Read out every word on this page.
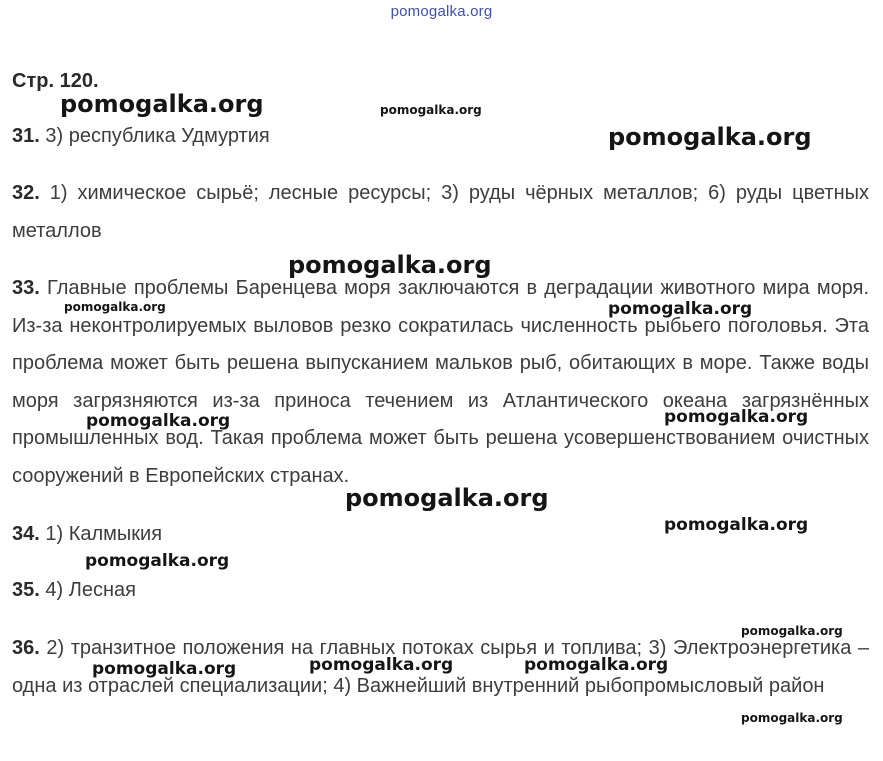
pomogalka.org
Стр. 120.
31. 3) республика Удмуртия
32. 1) химическое сырьё; лесные ресурсы; 3) руды чёрных металлов; 6) руды цветных металлов
33. Главные проблемы Баренцева моря заключаются в деградации животного мира моря. Из-за неконтролируемых выловов резко сократилась численность рыбьего поголовья. Эта проблема может быть решена выпусканием мальков рыб, обитающих в море. Также воды моря загрязняются из-за приноса течением из Атлантического океана загрязнённых промышленных вод. Такая проблема может быть решена усовершенствованием очистных сооружений в Европейских странах.
34. 1) Калмыкия
35. 4) Лесная
36. 2) транзитное положения на главных потоках сырья и топлива; 3) Электроэнергетика – одна из отраслей специализации; 4) Важнейший внутренний рыбопромысловый район
pomogalka.org	pomogalka.org
pomogalka.org
pomogalka.org
pomogalka.org	pomogalka.org
pomogalka.org	pomogalka.org
pomogalka.org
pomogalka.org
pomogalka.org
pomogalka.org
pomogalka.org	pomogalka.org	pomogalka.org
pomogalka.org
